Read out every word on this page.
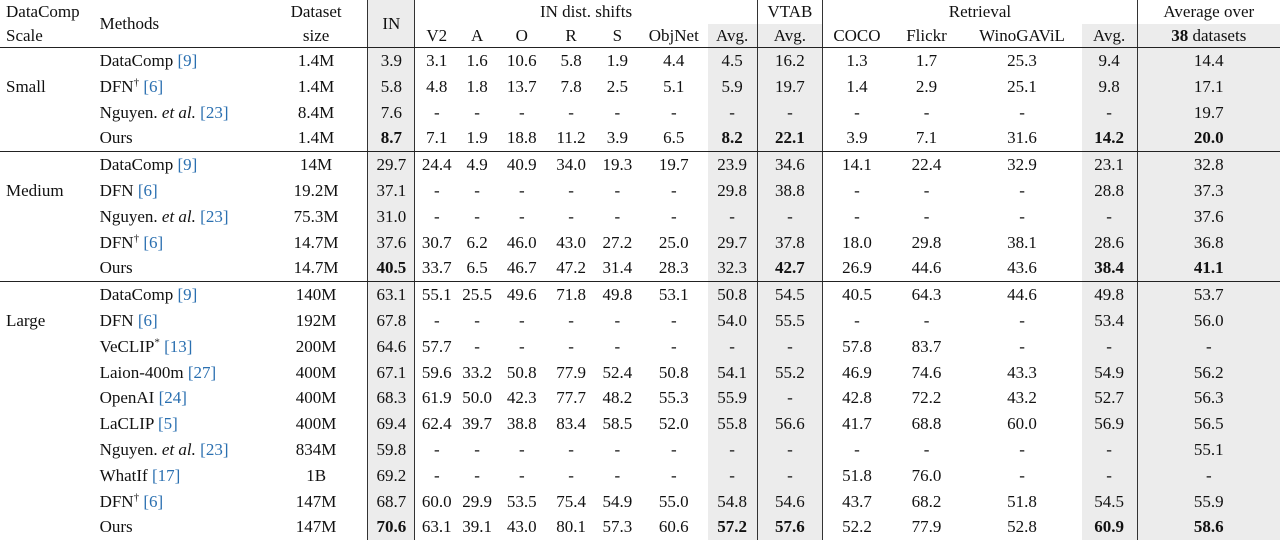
DataComp	Methods	Dataset	IN	IN dist. shifts							VTAB	Retrieval				Average over
Scale		size		V2	A	O	R	S	ObjNet	Avg.	Avg.	COCO	Flickr	WinoGAViL	Avg.	38 datasets
	DataComp [9]	1.4M	3.9	3.1	1.6	10.6	5.8	1.9	4.4	4.5	16.2	1.3	1.7	25.3	9.4	14.4
Small	DFN† [6]	1.4M	5.8	4.8	1.8	13.7	7.8	2.5	5.1	5.9	19.7	1.4	2.9	25.1	9.8	17.1
	Nguyen. et al. [23]	8.4M	7.6	-	-	-	-	-	-	-	-	-	-	-	-	19.7
	Ours	1.4M	8.7	7.1	1.9	18.8	11.2	3.9	6.5	8.2	22.1	3.9	7.1	31.6	14.2	20.0
	DataComp [9]	14M	29.7	24.4	4.9	40.9	34.0	19.3	19.7	23.9	34.6	14.1	22.4	32.9	23.1	32.8
Medium	DFN [6]	19.2M	37.1	-	-	-	-	-	-	29.8	38.8	-	-	-	28.8	37.3
	Nguyen. et al. [23]	75.3M	31.0	-	-	-	-	-	-	-	-	-	-	-	-	37.6
	DFN† [6]	14.7M	37.6	30.7	6.2	46.0	43.0	27.2	25.0	29.7	37.8	18.0	29.8	38.1	28.6	36.8
	Ours	14.7M	40.5	33.7	6.5	46.7	47.2	31.4	28.3	32.3	42.7	26.9	44.6	43.6	38.4	41.1
	DataComp [9]	140M	63.1	55.1	25.5	49.6	71.8	49.8	53.1	50.8	54.5	40.5	64.3	44.6	49.8	53.7
Large	DFN [6]	192M	67.8	-	-	-	-	-	-	54.0	55.5	-	-	-	53.4	56.0
	VeCLIP* [13]	200M	64.6	57.7	-	-	-	-	-	-	-	57.8	83.7	-	-	-
	Laion-400m [27]	400M	67.1	59.6	33.2	50.8	77.9	52.4	50.8	54.1	55.2	46.9	74.6	43.3	54.9	56.2
	OpenAI [24]	400M	68.3	61.9	50.0	42.3	77.7	48.2	55.3	55.9	-	42.8	72.2	43.2	52.7	56.3
	LaCLIP [5]	400M	69.4	62.4	39.7	38.8	83.4	58.5	52.0	55.8	56.6	41.7	68.8	60.0	56.9	56.5
	Nguyen. et al. [23]	834M	59.8	-	-	-	-	-	-	-	-	-	-	-	-	55.1
	WhatIf [17]	1B	69.2	-	-	-	-	-	-	-	-	51.8	76.0	-	-	-
	DFN† [6]	147M	68.7	60.0	29.9	53.5	75.4	54.9	55.0	54.8	54.6	43.7	68.2	51.8	54.5	55.9
	Ours	147M	70.6	63.1	39.1	43.0	80.1	57.3	60.6	57.2	57.6	52.2	77.9	52.8	60.9	58.6
